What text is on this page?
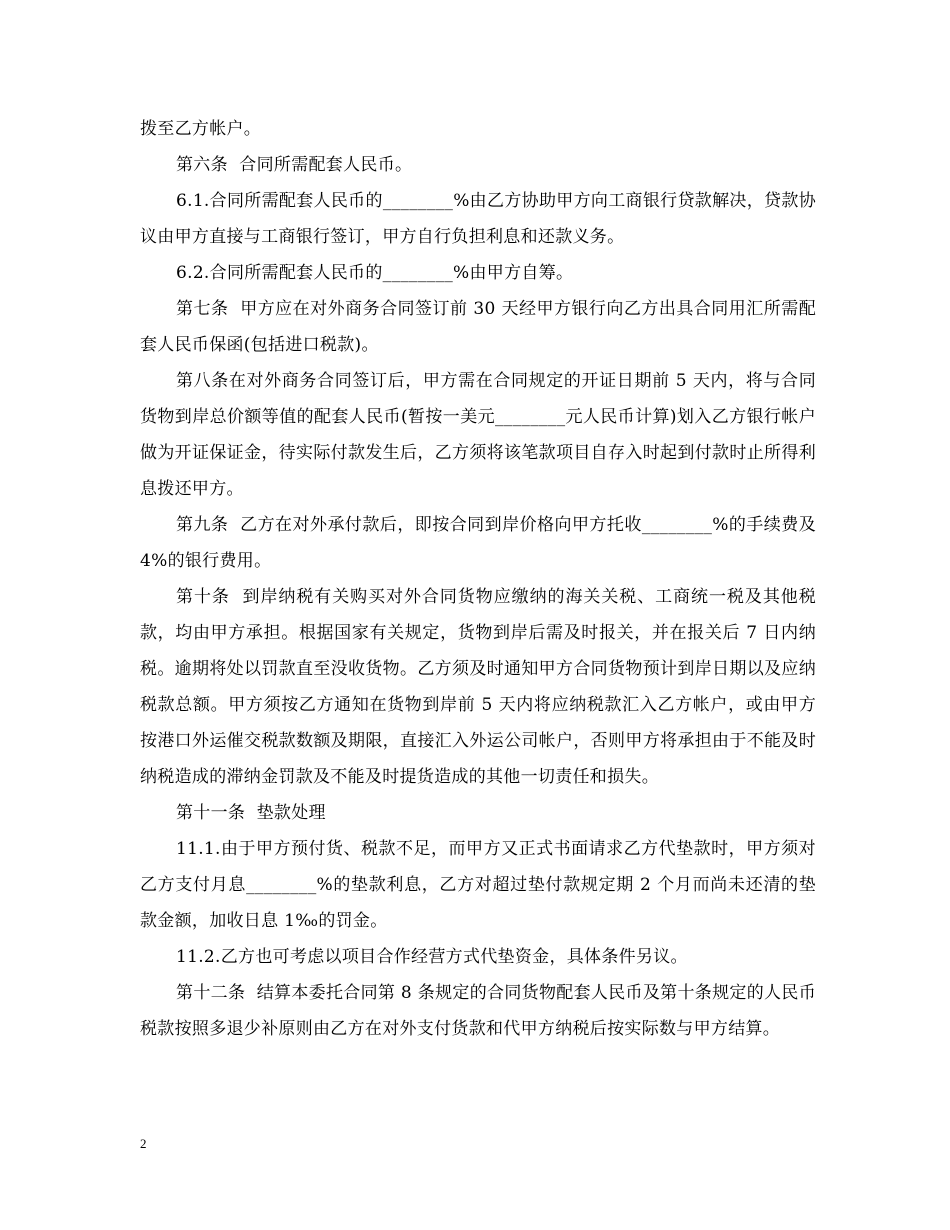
拨至乙方帐户。

第六条  合同所需配套人民币。

6.1.合同所需配套人民币的________%由乙方协助甲方向工商银行贷款解决，贷款协议由甲方直接与工商银行签订，甲方自行负担利息和还款义务。

6.2.合同所需配套人民币的________%由甲方自筹。

第七条  甲方应在对外商务合同签订前 30 天经甲方银行向乙方出具合同用汇所需配套人民币保函(包括进口税款)。

第八条在对外商务合同签订后，甲方需在合同规定的开证日期前 5 天内，将与合同货物到岸总价额等值的配套人民币(暂按一美元________元人民币计算)划入乙方银行帐户做为开证保证金，待实际付款发生后，乙方须将该笔款项目自存入时起到付款时止所得利息拨还甲方。

第九条  乙方在对外承付款后，即按合同到岸价格向甲方托收________%的手续费及 4%的银行费用。

第十条  到岸纳税有关购买对外合同货物应缴纳的海关关税、工商统一税及其他税款，均由甲方承担。根据国家有关规定，货物到岸后需及时报关，并在报关后 7 日内纳税。逾期将处以罚款直至没收货物。乙方须及时通知甲方合同货物预计到岸日期以及应纳税款总额。甲方须按乙方通知在货物到岸前 5 天内将应纳税款汇入乙方帐户，或由甲方按港口外运催交税款数额及期限，直接汇入外运公司帐户，否则甲方将承担由于不能及时纳税造成的滞纳金罚款及不能及时提货造成的其他一切责任和损失。

第十一条  垫款处理

11.1.由于甲方预付货、税款不足，而甲方又正式书面请求乙方代垫款时，甲方须对乙方支付月息________%的垫款利息，乙方对超过垫付款规定期 2 个月而尚未还清的垫款金额，加收日息 1‰的罚金。

11.2.乙方也可考虑以项目合作经营方式代垫资金，具体条件另议。

第十二条  结算本委托合同第 8 条规定的合同货物配套人民币及第十条规定的人民币税款按照多退少补原则由乙方在对外支付货款和代甲方纳税后按实际数与甲方结算。

2
